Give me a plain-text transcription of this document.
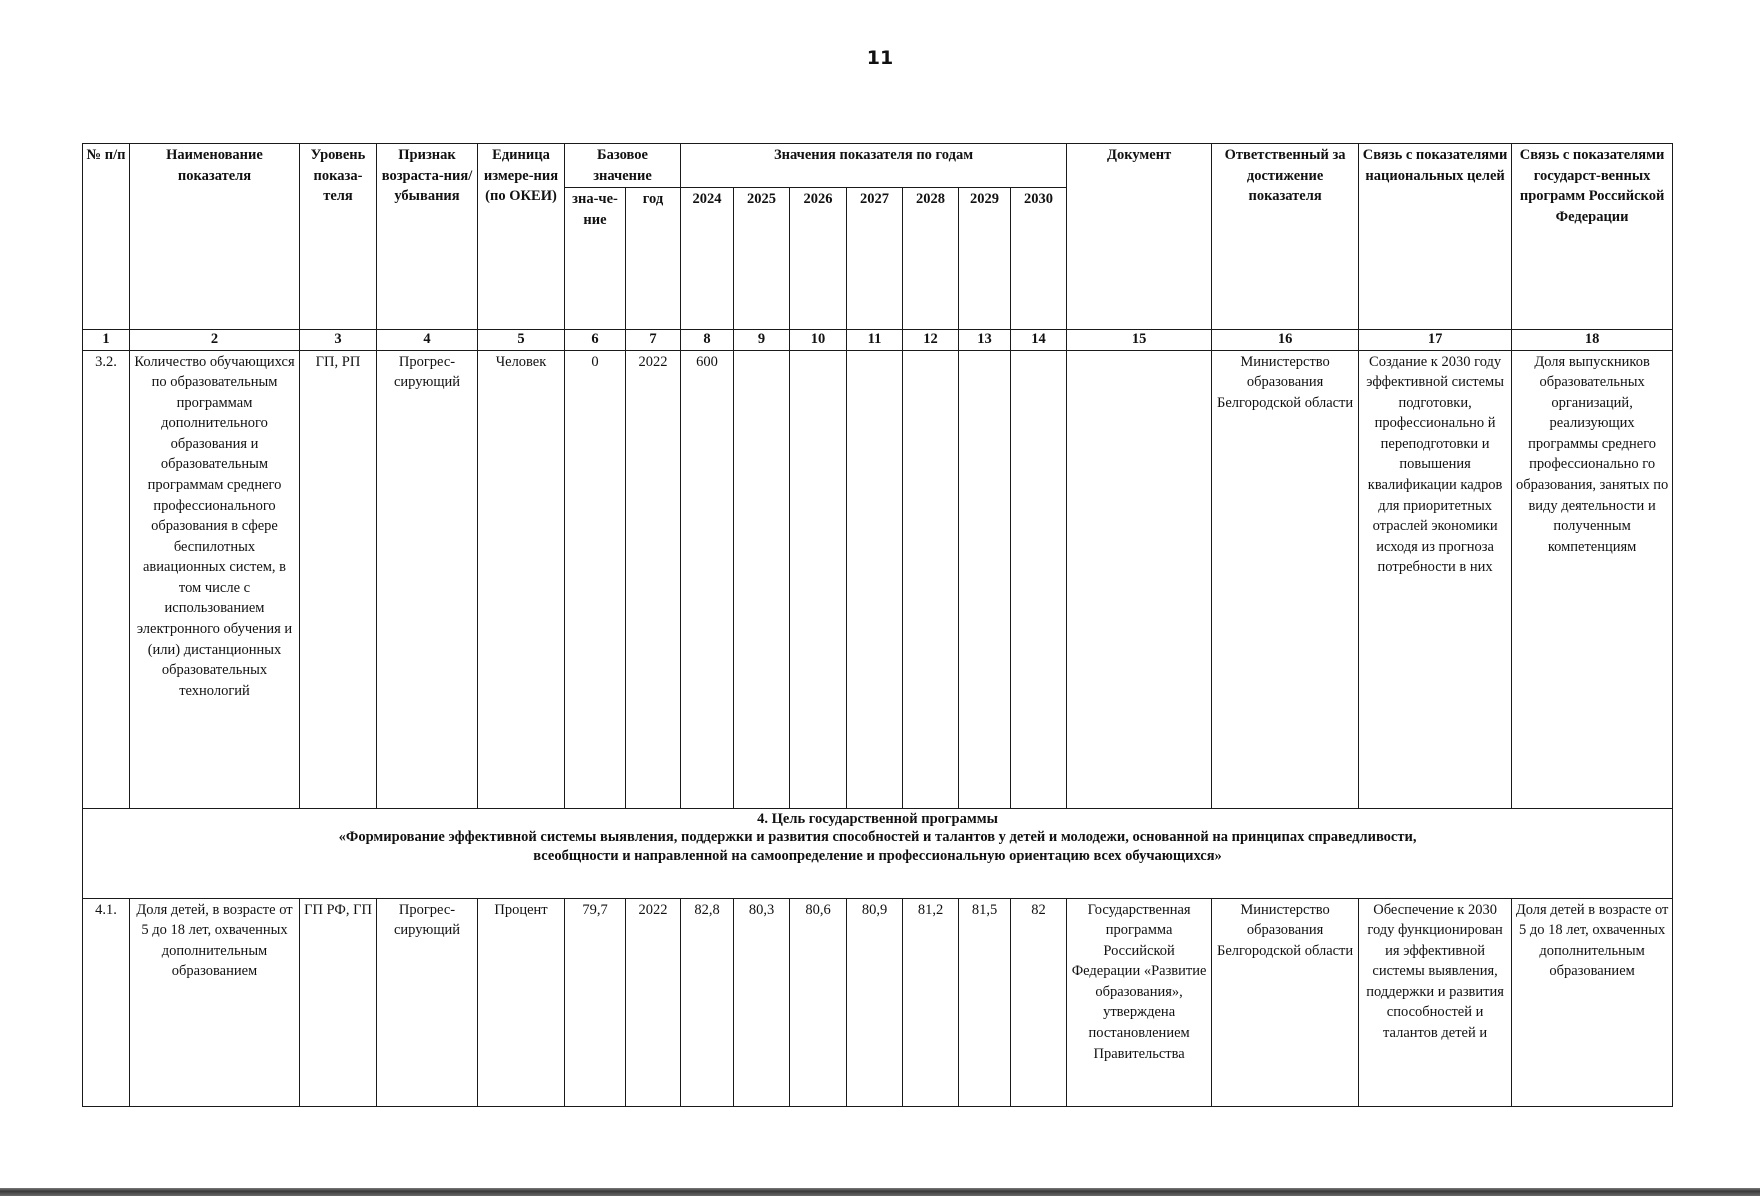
11
№ п/п	Наименование показателя	Уровень показа-теля	Признак возраста-ния/ убывания	Единица измере-ния (по ОКЕИ)	Базовое значение		Значения показателя по годам							Документ	Ответственный за достижение показателя	Связь с показателями национальных целей	Связь с показателями государст-венных программ Российской Федерации
					зна-че-ние	год	2024	2025	2026	2027	2028	2029	2030				
1	2	3	4	5	6	7	8	9	10	11	12	13	14	15	16	17	18
3.2.	Количество обучающихся по образовательным программам дополнительного образования и образовательным программам среднего профессионального образования в сфере беспилотных авиационных систем, в том числе с использованием электронного обучения и (или) дистанционных образовательных технологий	ГП, РП	Прогрес-сирующий	Человек	0	2022	600								Министерство образования Белгородской области	Создание к 2030 году эффективной системы подготовки, профессионально й переподготовки и повышения квалификации кадров для приоритетных отраслей экономики исходя из прогноза потребности в них	Доля выпускников образовательных организаций, реализующих программы среднего профессионально го образования, занятых по виду деятельности и полученным компетенциям

4. Цель государственной программы
«Формирование эффективной системы выявления, поддержки и развития способностей и талантов у детей и молодежи, основанной на принципах справедливости,
всеобщности и направленной на самоопределение и профессиональную ориентацию всех обучающихся»																	

4.1.	Доля детей, в возрасте от 5 до 18 лет, охваченных дополнительным образованием	ГП РФ, ГП	Прогрес-сирующий	Процент	79,7	2022	82,8	80,3	80,6	80,9	81,2	81,5	82	Государственная программа Российской Федерации «Развитие образования», утверждена постановлением Правительства	Министерство образования Белгородской области	Обеспечение к 2030 году функционирован ия эффективной системы выявления, поддержки и развития способностей и талантов детей и	Доля детей в возрасте от 5 до 18 лет, охваченных дополнительным образованием
